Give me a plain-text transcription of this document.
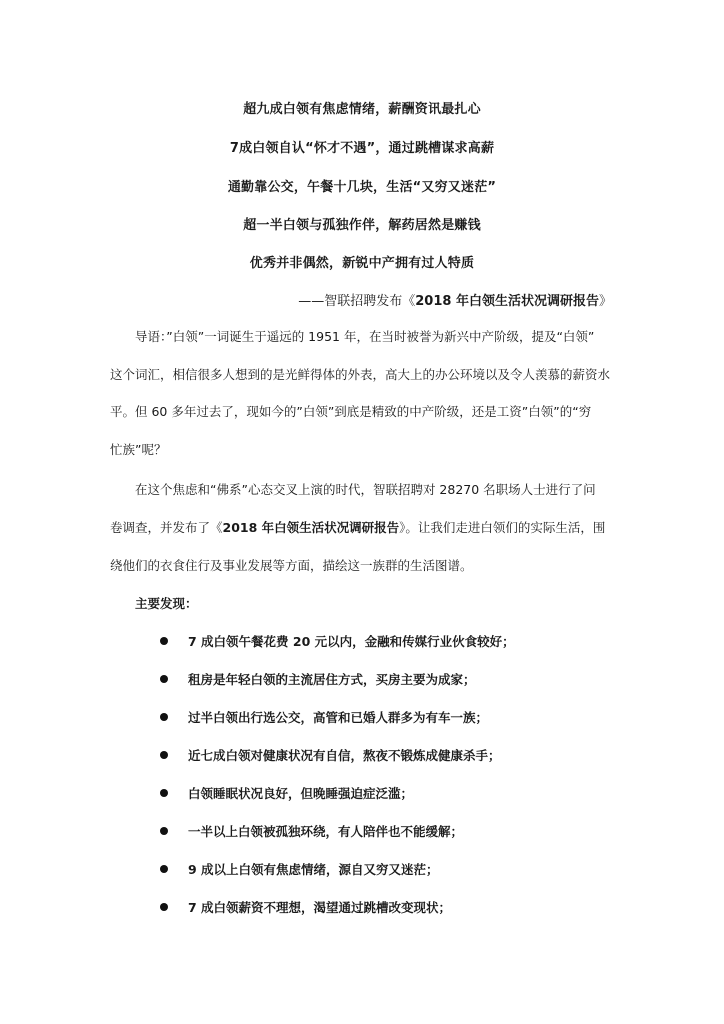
超九成白领有焦虑情绪，薪酬资讯最扎心
7成白领自认“怀才不遇”，通过跳槽谋求高薪
通勤靠公交，午餐十几块，生活“又穷又迷茫”
超一半白领与孤独作伴，解药居然是赚钱
优秀并非偶然，新锐中产拥有过人特质
——智联招聘发布《2018 年白领生活状况调研报告》
导语：”白领”一词诞生于遥远的 1951 年，在当时被誉为新兴中产阶级，提及“白领”
这个词汇，相信很多人想到的是光鲜得体的外表，高大上的办公环境以及令人羡慕的薪资水
平。但 60 多年过去了，现如今的”白领”到底是精致的中产阶级，还是工资”白领”的“穷
忙族”呢？
在这个焦虑和“佛系”心态交叉上演的时代，智联招聘对 28270 名职场人士进行了问
卷调查，并发布了《2018 年白领生活状况调研报告》。让我们走进白领们的实际生活，围
绕他们的衣食住行及事业发展等方面，描绘这一族群的生活图谱。
主要发现：
7 成白领午餐花费 20 元以内，金融和传媒行业伙食较好；
租房是年轻白领的主流居住方式，买房主要为成家；
过半白领出行选公交，高管和已婚人群多为有车一族；
近七成白领对健康状况有自信，熬夜不锻炼成健康杀手；
白领睡眠状况良好，但晚睡强迫症泛滥；
一半以上白领被孤独环绕，有人陪伴也不能缓解；
9 成以上白领有焦虑情绪，源自又穷又迷茫；
7 成白领薪资不理想，渴望通过跳槽改变现状；
